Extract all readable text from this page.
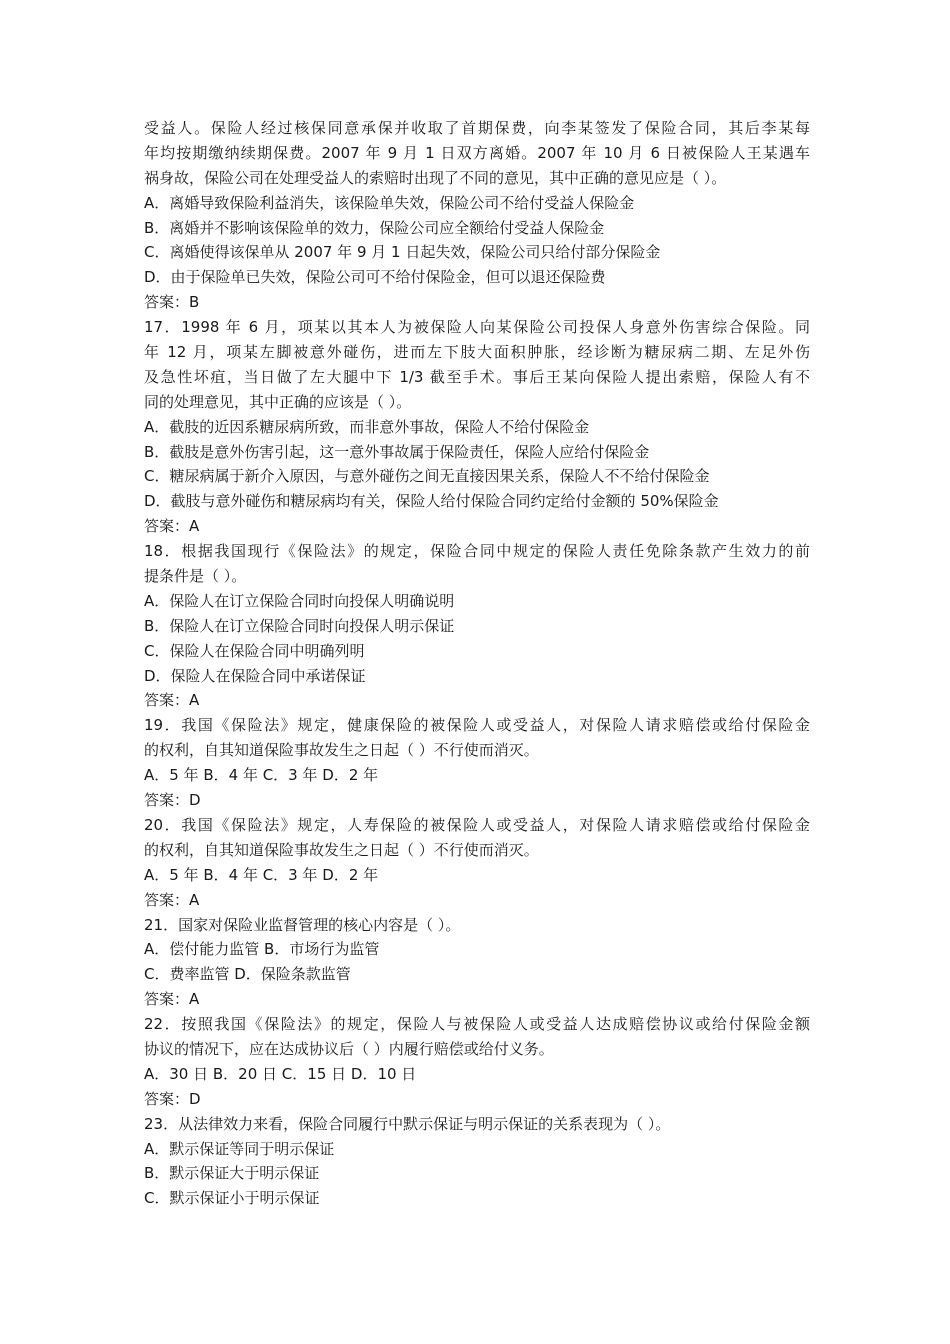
受益人。保险人经过核保同意承保并收取了首期保费，向李某签发了保险合同，其后李某每
年均按期缴纳续期保费。2007 年 9 月 1 日双方离婚。2007 年 10 月 6 日被保险人王某遇车
祸身故，保险公司在处理受益人的索赔时出现了不同的意见，其中正确的意见应是（ ）。
A．离婚导致保险利益消失，该保险单失效，保险公司不给付受益人保险金
B．离婚并不影响该保险单的效力，保险公司应全额给付受益人保险金
C．离婚使得该保单从 2007 年 9 月 1 日起失效，保险公司只给付部分保险金
D．由于保险单已失效，保险公司可不给付保险金，但可以退还保险费
答案：B
17．1998 年 6 月，项某以其本人为被保险人向某保险公司投保人身意外伤害综合保险。同
年 12 月，项某左脚被意外碰伤，进而左下肢大面积肿胀，经诊断为糖尿病二期、左足外伤
及急性坏疽，当日做了左大腿中下 1/3 截至手术。事后王某向保险人提出索赔，保险人有不
同的处理意见，其中正确的应该是（ ）。
A．截肢的近因系糖尿病所致，而非意外事故，保险人不给付保险金
B．截肢是意外伤害引起，这一意外事故属于保险责任，保险人应给付保险金
C．糖尿病属于新介入原因，与意外碰伤之间无直接因果关系，保险人不不给付保险金
D．截肢与意外碰伤和糖尿病均有关，保险人给付保险合同约定给付金额的 50%保险金
答案：A
18．根据我国现行《保险法》的规定，保险合同中规定的保险人责任免除条款产生效力的前
提条件是（ ）。
A．保险人在订立保险合同时向投保人明确说明
B．保险人在订立保险合同时向投保人明示保证
C．保险人在保险合同中明确列明
D．保险人在保险合同中承诺保证
答案：A
19．我国《保险法》规定，健康保险的被保险人或受益人，对保险人请求赔偿或给付保险金
的权利，自其知道保险事故发生之日起（ ）不行使而消灭。
A．5 年 B．4 年 C．3 年 D．2 年
答案：D
20．我国《保险法》规定，人寿保险的被保险人或受益人，对保险人请求赔偿或给付保险金
的权利，自其知道保险事故发生之日起（ ）不行使而消灭。
A．5 年 B．4 年 C．3 年 D．2 年
答案：A
21．国家对保险业监督管理的核心内容是（ ）。
A．偿付能力监管 B．市场行为监管
C．费率监管 D．保险条款监管
答案：A
22．按照我国《保险法》的规定，保险人与被保险人或受益人达成赔偿协议或给付保险金额
协议的情况下，应在达成协议后（ ）内履行赔偿或给付义务。
A．30 日 B．20 日 C．15 日 D．10 日
答案：D
23．从法律效力来看，保险合同履行中默示保证与明示保证的关系表现为（ ）。
A．默示保证等同于明示保证
B．默示保证大于明示保证
C．默示保证小于明示保证
